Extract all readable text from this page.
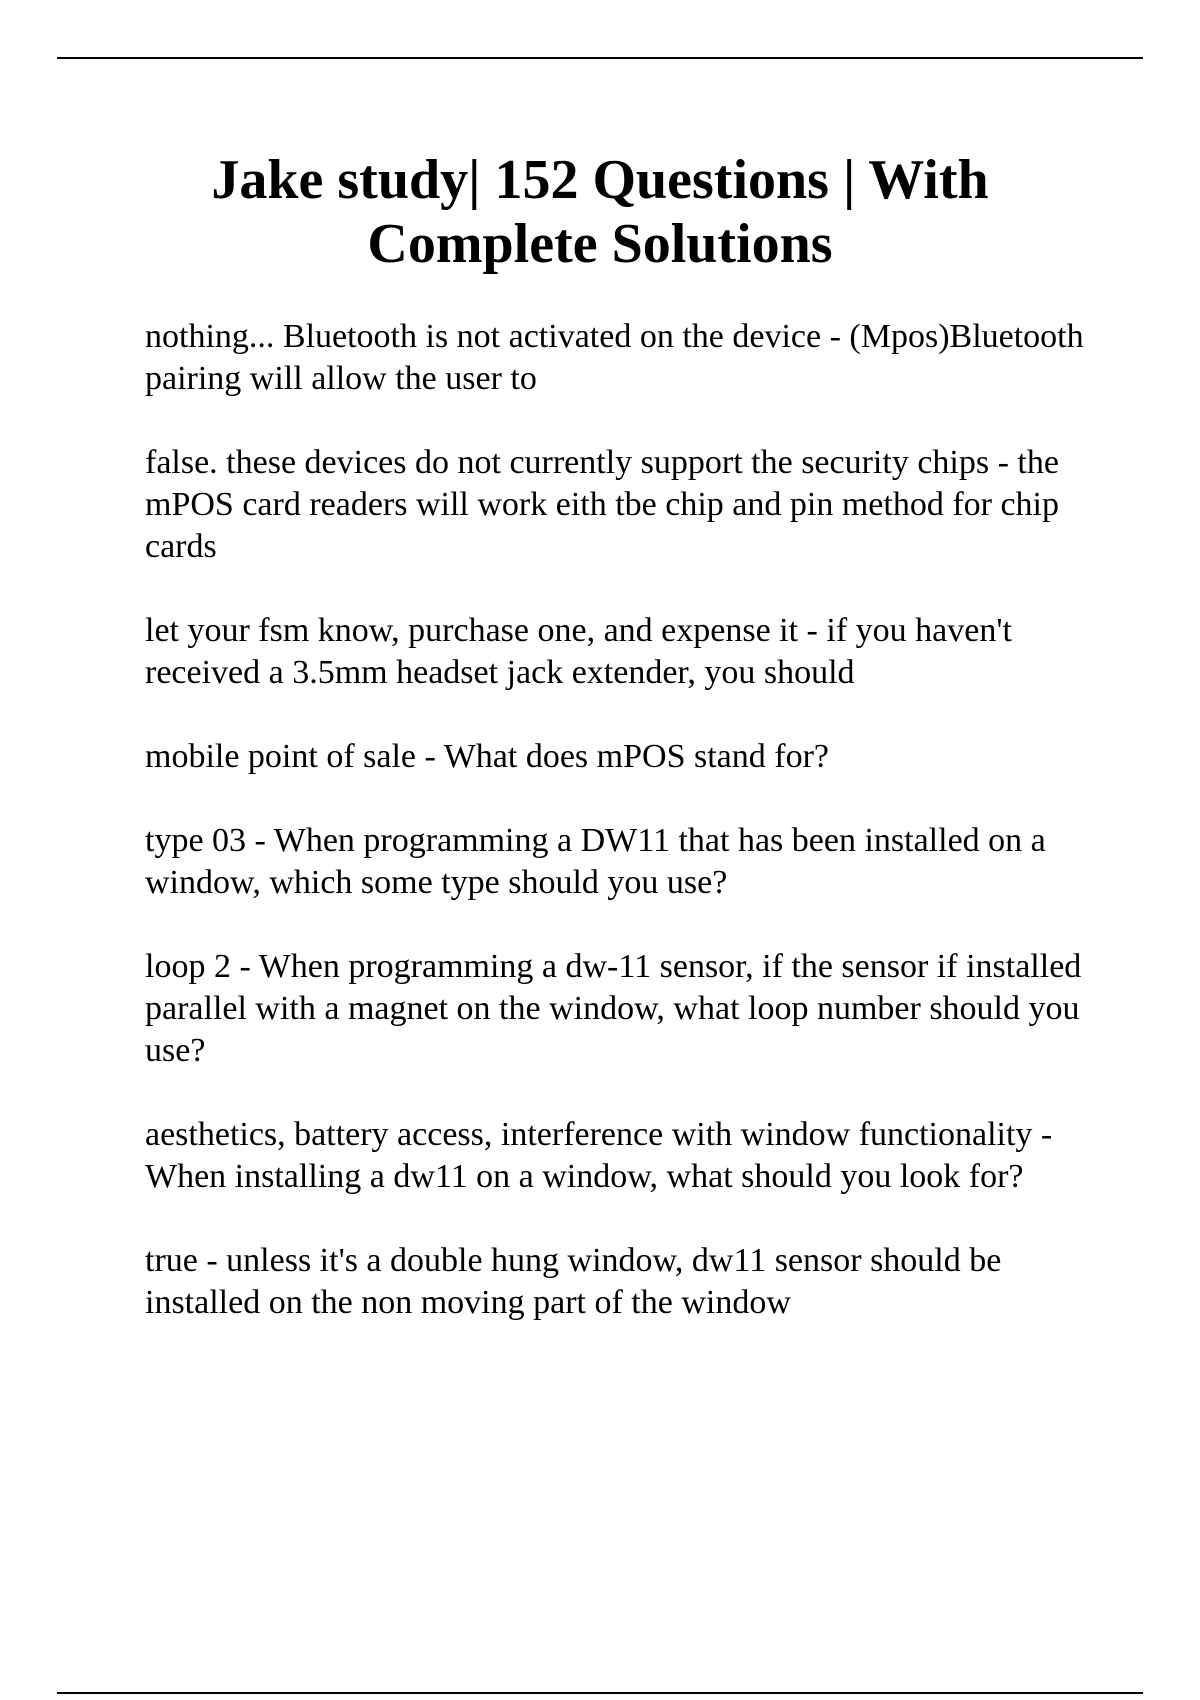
Jake study| 152 Questions | With
Complete Solutions
nothing... Bluetooth is not activated on the device - (Mpos)Bluetooth pairing will allow the user to
false. these devices do not currently support the security chips - the mPOS card readers will work eith tbe chip and pin method for chip cards
let your fsm know, purchase one, and expense it - if you haven't received a 3.5mm headset jack extender, you should
mobile point of sale - What does mPOS stand for?
type 03 - When programming a DW11 that has been installed on a window, which some type should you use?
loop 2 - When programming a dw-11 sensor, if the sensor if installed parallel with a magnet on the window, what loop number should you use?
aesthetics, battery access, interference with window functionality - When installing a dw11 on a window, what should you look for?
true - unless it's a double hung window, dw11 sensor should be installed on the non moving part of the window
